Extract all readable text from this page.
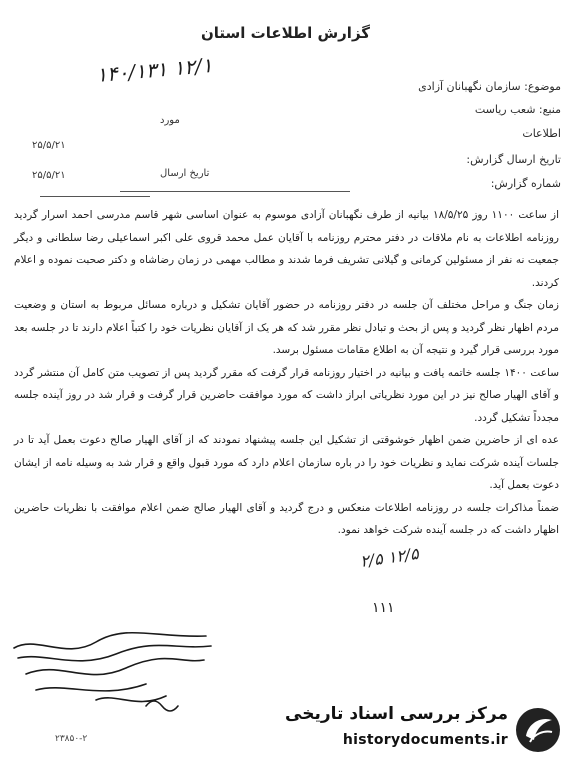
گزارش اطلاعات استان
۱۴۰/۱۳۱ ۱۲/۱	موضوع: سازمان نگهبانان آزادی
منبع: شعب ریاست
اطلاعات
تاریخ ارسال گزارش:
شماره گزارش:
مورد
تاریخ ارسال
۲۵/۵/۲۱
۲۵/۵/۲۱

از ساعت ۱۱۰۰ روز ۱۸/۵/۲۵ بیانیه از طرف نگهبانان آزادی موسوم به عنوان اساسی شهر قاسم مدرسی احمد اسرار گردید روزنامه اطلاعات به نام ملاقات در دفتر محترم روزنامه با آقایان عمل محمد قروی علی اکبر اسماعیلی رضا سلطانی و دیگر جمعیت نه نفر از مسئولین کرمانی و گیلانی تشریف فرما شدند و مطالب مهمی در زمان رضاشاه و دکتر صحبت نموده و اعلام کردند.

زمان جنگ و مراحل مختلف آن جلسه در دفتر روزنامه در حضور آقایان تشکیل و درباره مسائل مربوط به استان و وضعیت مردم اظهار نظر گردید و پس از بحث و تبادل نظر مقرر شد که هر یک از آقایان نظریات خود را کتباً اعلام دارند تا در جلسه بعد مورد بررسی قرار گیرد و نتیجه آن به اطلاع مقامات مسئول برسد.

ساعت ۱۴۰۰ جلسه خاتمه یافت و بیانیه در اختیار روزنامه قرار گرفت که مقرر گردید پس از تصویب متن کامل آن منتشر گردد و آقای الهیار صالح نیز در این مورد نظریاتی ابراز داشت که مورد موافقت حاضرین قرار گرفت و قرار شد در روز آینده جلسه مجدداً تشکیل گردد.

عده ای از حاضرین ضمن اظهار خوشوقتی از تشکیل این جلسه پیشنهاد نمودند که از آقای الهیار صالح دعوت بعمل آید تا در جلسات آینده شرکت نماید و نظریات خود را در باره سازمان اعلام دارد که مورد قبول واقع و قرار شد به وسیله نامه از ایشان دعوت بعمل آید.

ضمناً مذاکرات جلسه در روزنامه اطلاعات منعکس و درج گردید و آقای الهیار صالح ضمن اعلام موافقت با نظریات حاضرین اظهار داشت که در جلسه آینده شرکت خواهد نمود.

۲/۵ ۱۲/۵
۱۱۱
۲۳۸۵۰-۲
مرکز بررسی اسناد تاریخی
historydocuments.ir
